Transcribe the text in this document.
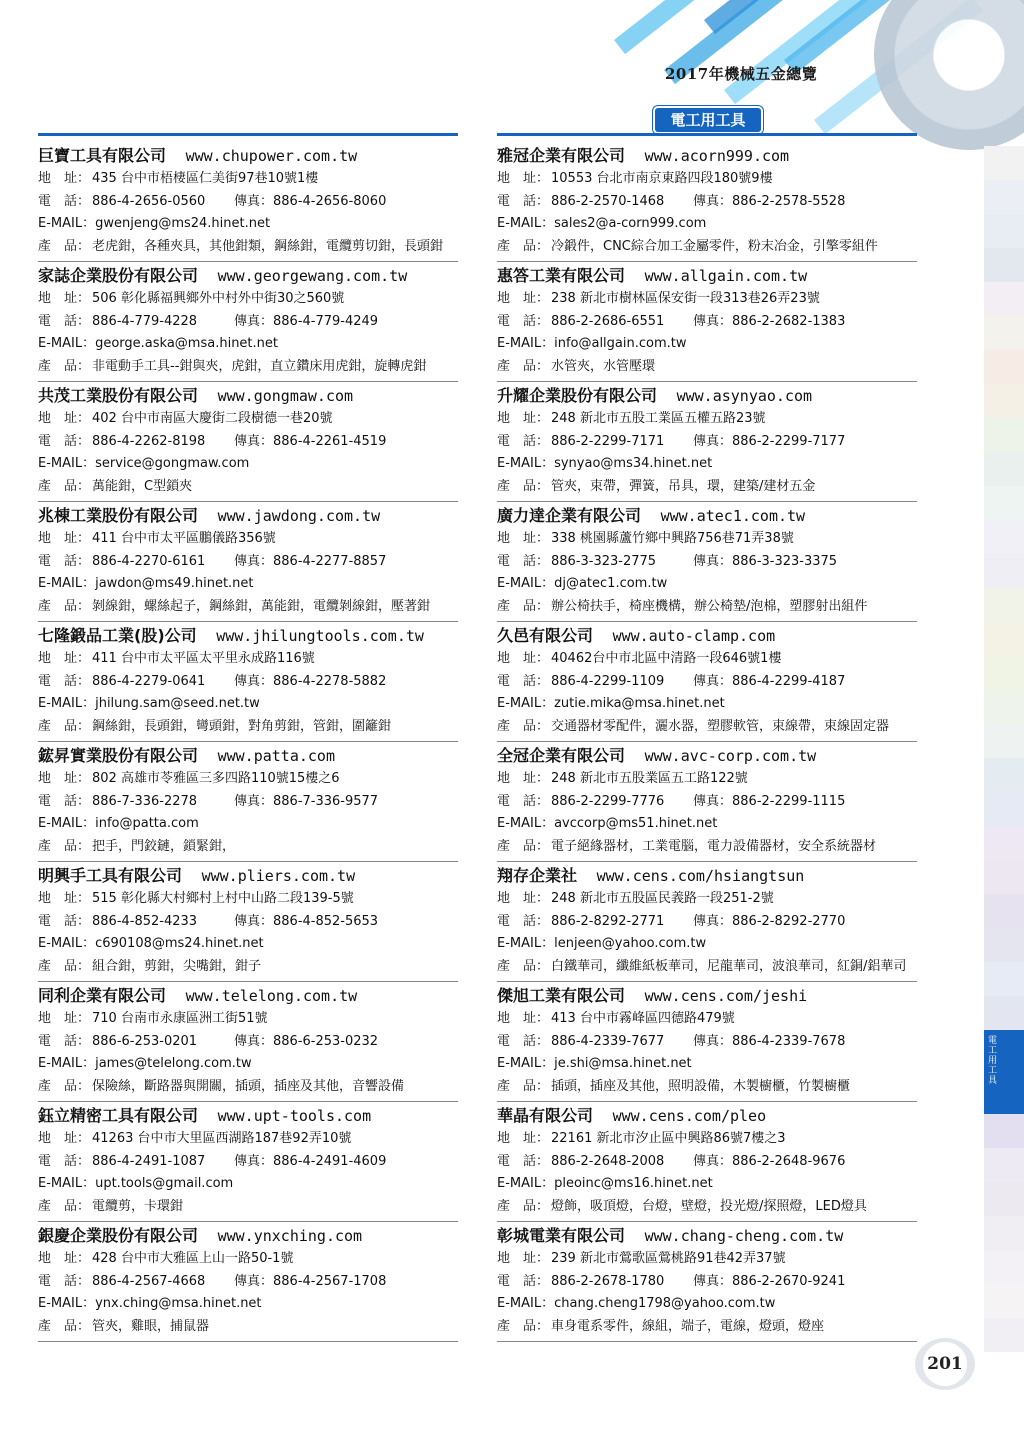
2017年機械五金總覽
電工用工具
巨寶工具有限公司 www.chupower.com.tw
地　址： 435 台中市梧棲區仁美街97巷10號1樓
電　話： 886-4-2656-0560 傳真：886-4-2656-8060
E-MAIL：gwenjeng@ms24.hinet.net
產　品： 老虎鉗，各種夾具，其他鉗類，鋼絲鉗，電纜剪切鉗，長頭鉗
家誌企業股份有限公司 www.georgewang.com.tw
地　址： 506 彰化縣福興鄉外中村外中街30之560號
電　話： 886-4-779-4228	傳真：886-4-779-4249
E-MAIL：george.aska@msa.hinet.net
產　品： 非電動手工具--鉗與夾，虎鉗，直立鑽床用虎鉗，旋轉虎鉗
共茂工業股份有限公司 www.gongmaw.com
地　址： 402 台中市南區大慶街二段樹德一巷20號
電　話： 886-4-2262-8198 傳真：886-4-2261-4519
E-MAIL：service@gongmaw.com
產　品： 萬能鉗，C型鎖夾
兆棟工業股份有限公司 www.jawdong.com.tw
地　址： 411 台中市太平區鵬儀路356號
電　話： 886-4-2270-6161 傳真：886-4-2277-8857
E-MAIL：jawdon@ms49.hinet.net
產　品： 剝線鉗，螺絲起子，鋼絲鉗，萬能鉗，電纜剝線鉗，壓著鉗
七隆鍛品工業(股)公司 www.jhilungtools.com.tw
地　址： 411 台中市太平區太平里永成路116號
電　話： 886-4-2279-0641 傳真：886-4-2278-5882
E-MAIL：jhilung.sam@seed.net.tw
產　品： 鋼絲鉗，長頭鉗，彎頭鉗，對角剪鉗，管鉗，圍籬鉗
鋐昇實業股份有限公司 www.patta.com
地　址： 802 高雄市苓雅區三多四路110號15樓之6
電　話： 886-7-336-2278	傳真：886-7-336-9577
E-MAIL：info@patta.com
產　品： 把手，門鉸鏈，鎖緊鉗，
明興手工具有限公司 www.pliers.com.tw
地　址： 515 彰化縣大村鄉村上村中山路二段139-5號
電　話： 886-4-852-4233	傳真：886-4-852-5653
E-MAIL：c690108@ms24.hinet.net
產　品： 組合鉗，剪鉗，尖嘴鉗，鉗子
同利企業有限公司 www.telelong.com.tw
地　址： 710 台南市永康區洲工街51號
電　話： 886-6-253-0201	傳真：886-6-253-0232
E-MAIL：james@telelong.com.tw
產　品： 保險絲，斷路器與開關，插頭，插座及其他，音響設備
鈺立精密工具有限公司 www.upt-tools.com
地　址： 41263 台中市大里區西湖路187巷92弄10號
電　話： 886-4-2491-1087 傳真：886-4-2491-4609
E-MAIL：upt.tools@gmail.com
產　品： 電纜剪，卡環鉗
銀慶企業股份有限公司 www.ynxching.com
地　址： 428 台中市大雅區上山一路50-1號
電　話： 886-4-2567-4668 傳真：886-4-2567-1708
E-MAIL：ynx.ching@msa.hinet.net
產　品： 管夾，雞眼，捕鼠器
雅冠企業有限公司 www.acorn999.com
地　址： 10553 台北市南京東路四段180號9樓
電　話： 886-2-2570-1468 傳真：886-2-2578-5528
E-MAIL：sales2@a-corn999.com
產　品： 冷鍛件，CNC綜合加工金屬零件，粉末冶金，引擎零組件
惠答工業有限公司 www.allgain.com.tw
地　址： 238 新北市樹林區保安街一段313巷26弄23號
電　話： 886-2-2686-6551 傳真：886-2-2682-1383
E-MAIL：info@allgain.com.tw
產　品： 水管夾，水管壓環
升耀企業股份有限公司 www.asynyao.com
地　址： 248 新北市五股工業區五權五路23號
電　話： 886-2-2299-7171 傳真：886-2-2299-7177
E-MAIL：synyao@ms34.hinet.net
產　品： 管夾，束帶，彈簧，吊具，環，建築/建材五金
廣力達企業有限公司 www.atec1.com.tw
地　址： 338 桃園縣蘆竹鄉中興路756巷71弄38號
電　話： 886-3-323-2775	傳真：886-3-323-3375
E-MAIL：dj@atec1.com.tw
產　品： 辦公椅扶手，椅座機構，辦公椅墊/泡棉，塑膠射出組件
久邑有限公司 www.auto-clamp.com
地　址： 40462台中市北區中清路一段646號1樓
電　話： 886-4-2299-1109 傳真：886-4-2299-4187
E-MAIL：zutie.mika@msa.hinet.net
產　品： 交通器材零配件，灑水器，塑膠軟管，束線帶，束線固定器
全冠企業有限公司 www.avc-corp.com.tw
地　址： 248 新北市五股業區五工路122號
電　話： 886-2-2299-7776 傳真：886-2-2299-1115
E-MAIL：avccorp@ms51.hinet.net
產　品： 電子絕緣器材，工業電腦，電力設備器材，安全系統器材
翔存企業社 www.cens.com/hsiangtsun
地　址： 248 新北市五股區民義路一段251-2號
電　話： 886-2-8292-2771 傳真：886-2-8292-2770
E-MAIL：lenjeen@yahoo.com.tw
產　品： 白鐵華司，纖維紙板華司，尼龍華司，波浪華司，紅銅/鋁華司
傑旭工業有限公司 www.cens.com/jeshi
地　址： 413 台中市霧峰區四德路479號
電　話： 886-4-2339-7677 傳真：886-4-2339-7678
E-MAIL：je.shi@msa.hinet.net
產　品： 插頭，插座及其他，照明設備，木製櫥櫃，竹製櫥櫃
華晶有限公司 www.cens.com/pleo
地　址： 22161 新北市汐止區中興路86號7樓之3
電　話： 886-2-2648-2008 傳真：886-2-2648-9676
E-MAIL：pleoinc@ms16.hinet.net
產　品： 燈飾，吸頂燈，台燈，壁燈，投光燈/探照燈，LED燈具
彰城電業有限公司 www.chang-cheng.com.tw
地　址： 239 新北市鶯歌區鶯桃路91巷42弄37號
電　話： 886-2-2678-1780 傳真：886-2-2670-9241
E-MAIL：chang.cheng1798@yahoo.com.tw
產　品： 車身電系零件，線組，端子，電線，燈頭，燈座
電工用工具
201
